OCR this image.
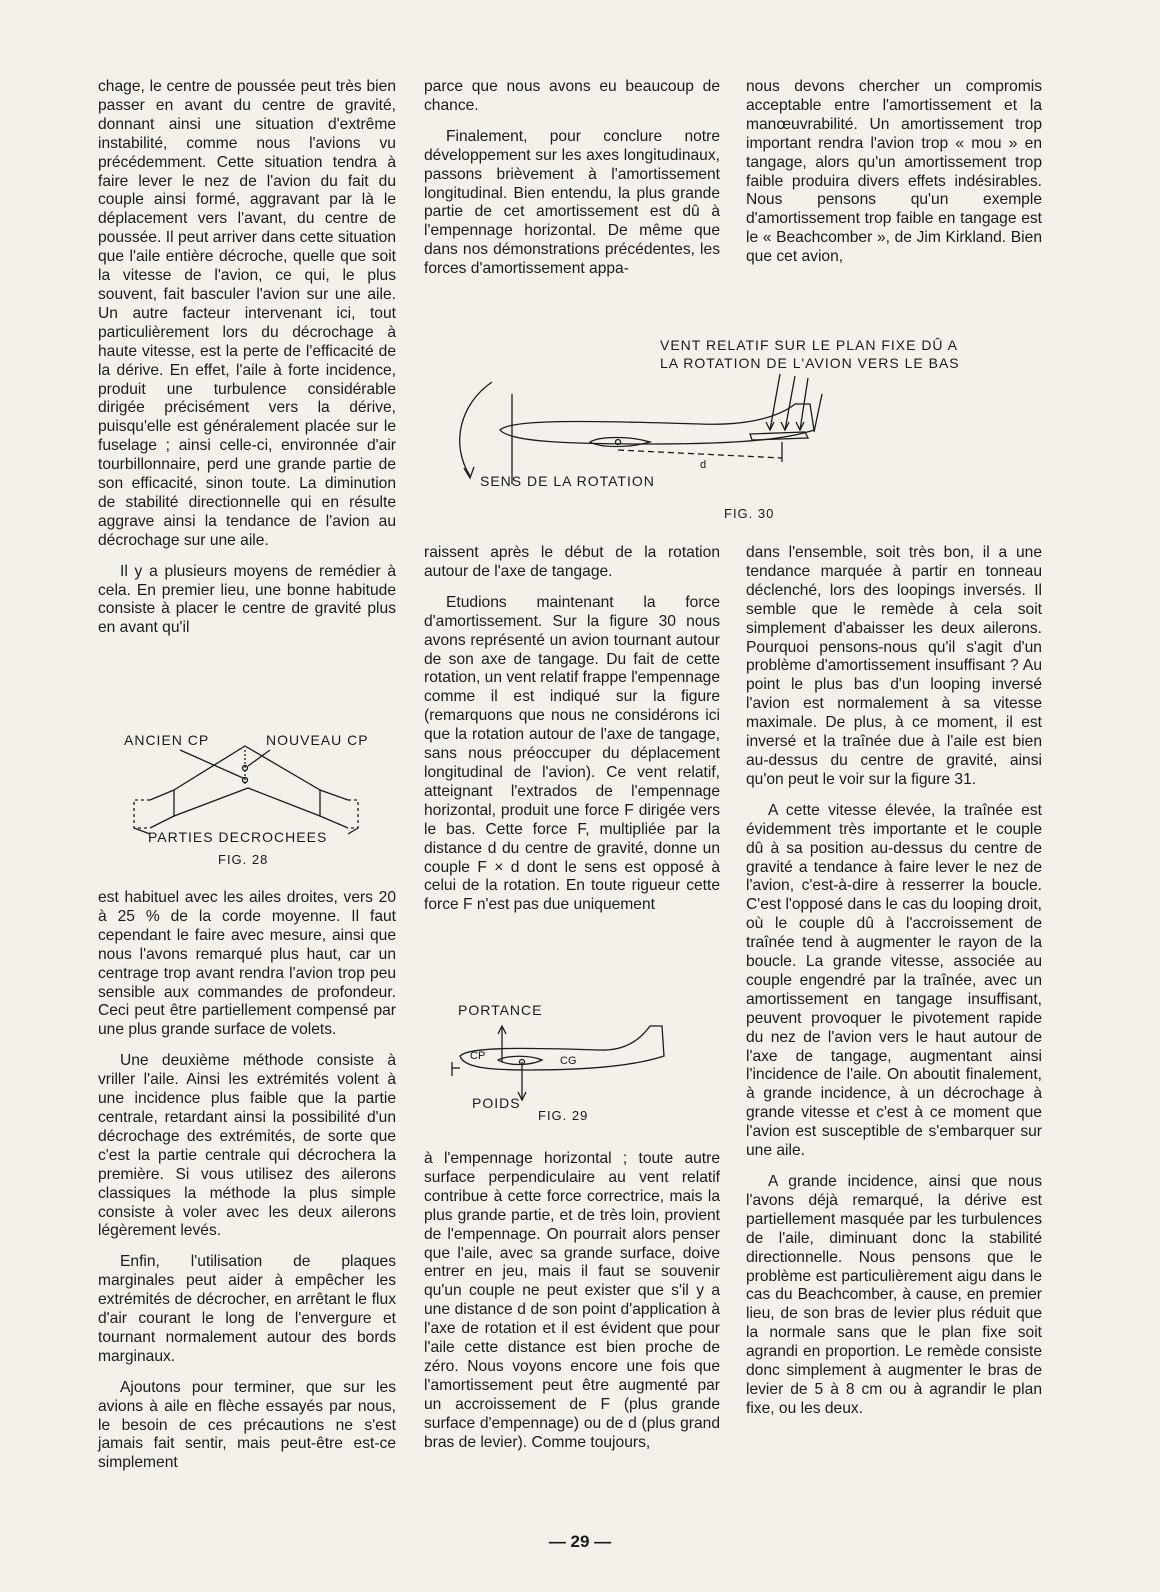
chage, le centre de poussée peut très bien passer en avant du centre de gravité, donnant ainsi une situation d'extrême instabilité, comme nous l'avions vu précédemment. Cette situation tendra à faire lever le nez de l'avion du fait du couple ainsi formé, aggravant par là le déplacement vers l'avant, du centre de poussée. Il peut arriver dans cette situation que l'aile entière décroche, quelle que soit la vitesse de l'avion, ce qui, le plus souvent, fait basculer l'avion sur une aile. Un autre facteur intervenant ici, tout particulièrement lors du décrochage à haute vitesse, est la perte de l'efficacité de la dérive. En effet, l'aile à forte incidence, produit une turbulence considérable dirigée précisément vers la dérive, puisqu'elle est généralement placée sur le fuselage ; ainsi celle-ci, environnée d'air tourbillonnaire, perd une grande partie de son efficacité, sinon toute. La diminution de stabilité directionnelle qui en résulte aggrave ainsi la tendance de l'avion au décrochage sur une aile.

Il y a plusieurs moyens de remédier à cela. En premier lieu, une bonne habitude consiste à placer le centre de gravité plus en avant qu'il

ANCIEN CP	NOUVEAU CP
PARTIES DECROCHEES
FIG. 28

est habituel avec les ailes droites, vers 20 à 25 % de la corde moyenne. Il faut cependant le faire avec mesure, ainsi que nous l'avons remarqué plus haut, car un centrage trop avant rendra l'avion trop peu sensible aux commandes de profondeur. Ceci peut être partiellement compensé par une plus grande surface de volets.

Une deuxième méthode consiste à vriller l'aile. Ainsi les extrémités volent à une incidence plus faible que la partie centrale, retardant ainsi la possibilité d'un décrochage des extrémités, de sorte que c'est la partie centrale qui décrochera la première. Si vous utilisez des ailerons classiques la méthode la plus simple consiste à voler avec les deux ailerons légèrement levés.

Enfin, l'utilisation de plaques marginales peut aider à empêcher les extrémités de décrocher, en arrêtant le flux d'air courant le long de l'envergure et tournant normalement autour des bords marginaux.

Ajoutons pour terminer, que sur les avions à aile en flèche essayés par nous, le besoin de ces précautions ne s'est jamais fait sentir, mais peut-être est-ce simplement

parce que nous avons eu beaucoup de chance.

Finalement, pour conclure notre développement sur les axes longitudinaux, passons brièvement à l'amortissement longitudinal. Bien entendu, la plus grande partie de cet amortissement est dû à l'empennage horizontal. De même que dans nos démonstrations précédentes, les forces d'amortissement appa-

nous devons chercher un compromis acceptable entre l'amortissement et la manœuvrabilité. Un amortissement trop important rendra l'avion trop « mou » en tangage, alors qu'un amortissement trop faible produira divers effets indésirables. Nous pensons qu'un exemple d'amortissement trop faible en tangage est le « Beachcomber », de Jim Kirkland. Bien que cet avion,

VENT RELATIF SUR LE PLAN FIXE DÛ A
LA ROTATION DE L'AVION VERS LE BAS
d
SENS DE LA ROTATION
FIG. 30

raissent après le début de la rotation autour de l'axe de tangage.

Etudions maintenant la force d'amortissement. Sur la figure 30 nous avons représenté un avion tournant autour de son axe de tangage. Du fait de cette rotation, un vent relatif frappe l'empennage comme il est indiqué sur la figure (remarquons que nous ne considérons ici que la rotation autour de l'axe de tangage, sans nous préoccuper du déplacement longitudinal de l'avion). Ce vent relatif, atteignant l'extrados de l'empennage horizontal, produit une force F dirigée vers le bas. Cette force F, multipliée par la distance d du centre de gravité, donne un couple F × d dont le sens est opposé à celui de la rotation. En toute rigueur cette force F n'est pas due uniquement

PORTANCE
CP	CG
POIDS
FIG. 29

à l'empennage horizontal ; toute autre surface perpendiculaire au vent relatif contribue à cette force correctrice, mais la plus grande partie, et de très loin, provient de l'empennage. On pourrait alors penser que l'aile, avec sa grande surface, doive entrer en jeu, mais il faut se souvenir qu'un couple ne peut exister que s'il y a une distance d de son point d'application à l'axe de rotation et il est évident que pour l'aile cette distance est bien proche de zéro. Nous voyons encore une fois que l'amortissement peut être augmenté par un accroissement de F (plus grande surface d'empennage) ou de d (plus grand bras de levier). Comme toujours,

dans l'ensemble, soit très bon, il a une tendance marquée à partir en tonneau déclenché, lors des loopings inversés. Il semble que le remède à cela soit simplement d'abaisser les deux ailerons. Pourquoi pensons-nous qu'il s'agit d'un problème d'amortissement insuffisant ? Au point le plus bas d'un looping inversé l'avion est normalement à sa vitesse maximale. De plus, à ce moment, il est inversé et la traînée due à l'aile est bien au-dessus du centre de gravité, ainsi qu'on peut le voir sur la figure 31.

A cette vitesse élevée, la traînée est évidemment très importante et le couple dû à sa position au-dessus du centre de gravité a tendance à faire lever le nez de l'avion, c'est-à-dire à resserrer la boucle. C'est l'opposé dans le cas du looping droit, où le couple dû à l'accroissement de traînée tend à augmenter le rayon de la boucle. La grande vitesse, associée au couple engendré par la traînée, avec un amortissement en tangage insuffisant, peuvent provoquer le pivotement rapide du nez de l'avion vers le haut autour de l'axe de tangage, augmentant ainsi l'incidence de l'aile. On aboutit finalement, à grande incidence, à un décrochage à grande vitesse et c'est à ce moment que l'avion est susceptible de s'embarquer sur une aile.

A grande incidence, ainsi que nous l'avons déjà remarqué, la dérive est partiellement masquée par les turbulences de l'aile, diminuant donc la stabilité directionnelle. Nous pensons que le problème est particulièrement aigu dans le cas du Beachcomber, à cause, en premier lieu, de son bras de levier plus réduit que la normale sans que le plan fixe soit agrandi en proportion. Le remède consiste donc simplement à augmenter le bras de levier de 5 à 8 cm ou à agrandir le plan fixe, ou les deux.

— 29 —
